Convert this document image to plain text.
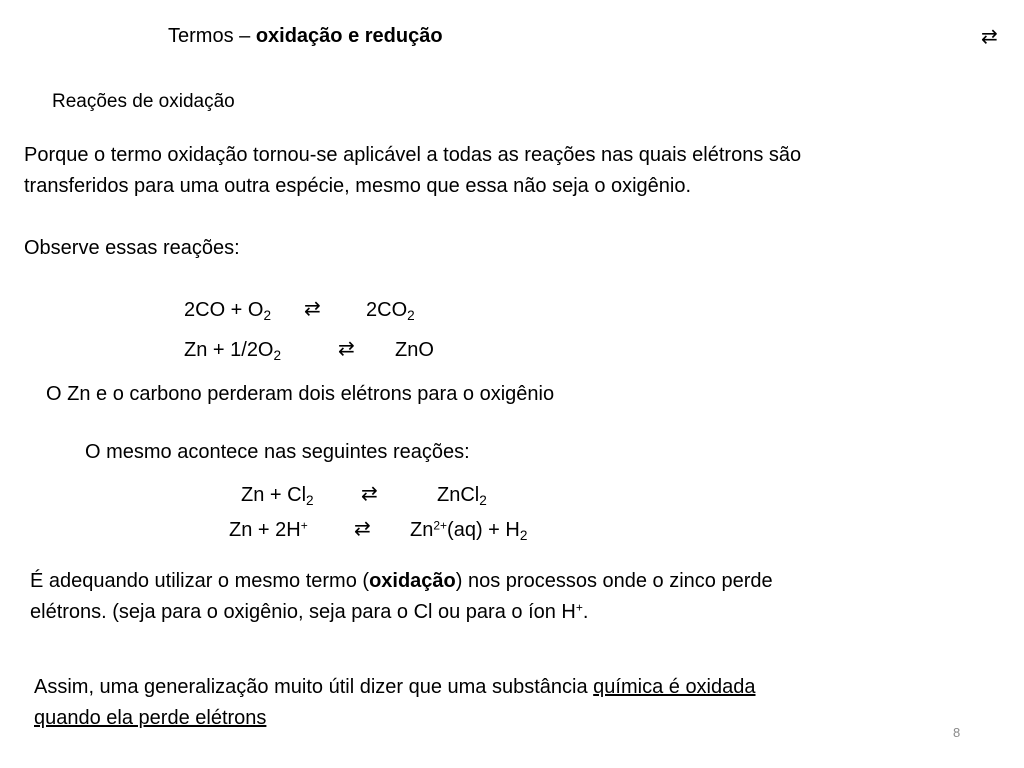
Termos – oxidação e redução	⇄
Reações de oxidação
Porque o termo oxidação tornou-se aplicável a todas as reações nas quais elétrons são
transferidos para uma outra espécie, mesmo que essa não seja o oxigênio.
Observe essas reações:
$2CO + O_2$ ⇄ $2CO_2$
$Zn + 1/2O_2$	⇄ ZnO
O Zn e o carbono perderam dois elétrons para o oxigênio
O mesmo acontece nas seguintes reações:
$Zn + Cl_2$ ⇄	ZnCl$_2$
Zn + 2H+ ⇄ $Zn^{2+}(aq) + H_2$
É adequando utilizar o mesmo termo (oxidação) nos processos onde o zinco perde
elétrons. (seja para o oxigênio, seja para o Cl ou para o íon H+.
Assim, uma generalização muito útil dizer que uma substância química é oxidada
quando ela perde elétrons
8
